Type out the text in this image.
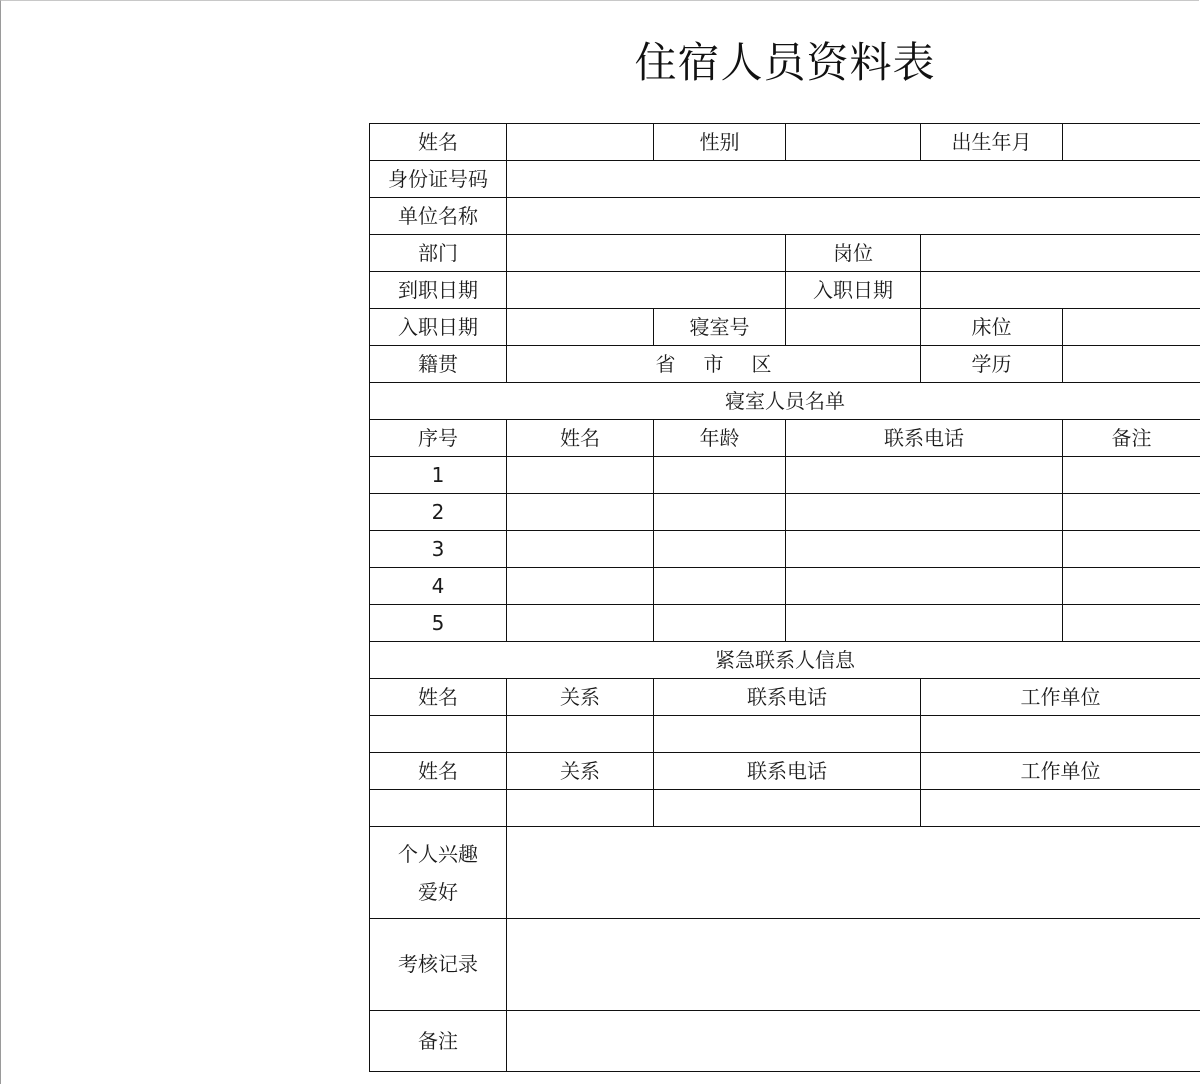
住宿人员资料表
姓名		性别		出生年月	
身份证号码					
单位名称					
部门			岗位		
到职日期			入职日期		
入职日期		寝室号		床位	
籍贯	省 市 区			学历	
寝室人员名单					
序号	姓名	年龄	联系电话		备注
1					
2					
3					
4					
5					
紧急联系人信息					
姓名	关系	联系电话		工作单位	

姓名	关系	联系电话		工作单位	

个人兴趣
爱好					
考核记录					
备注					
